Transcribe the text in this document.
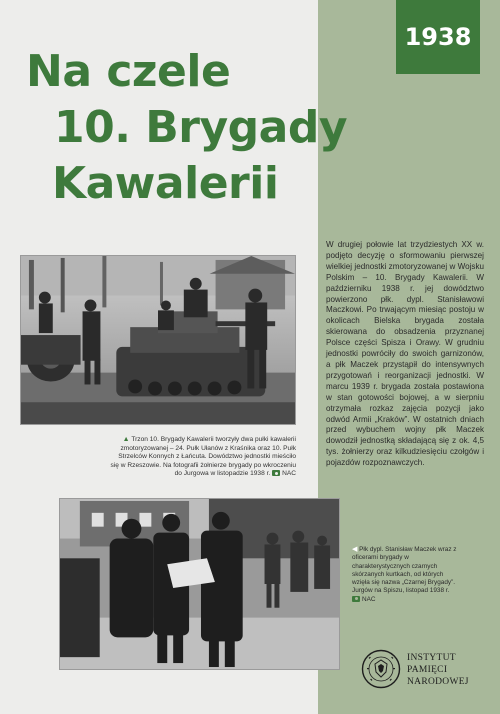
1938
Na czele
10. Brygady
Kawalerii

W drugiej połowie lat trzydziestych XX w. podjęto decyzję o sformowaniu pierwszej wielkiej jednostki zmotoryzowanej w Wojsku Polskim – 10. Brygady Kawalerii. W październiku 1938 r. jej dowództwo powierzono płk. dypl. Stanisławowi Maczkowi. Po trwającym miesiąc postoju w okolicach Bielska brygada została skierowana do obsadzenia przyznanej Polsce części Spisza i Orawy. W grudniu jednostki powróciły do swoich garnizonów, a płk Maczek przystąpił do intensywnych przygotowań i reorganizacji jednostki. W marcu 1939 r. brygada została postawiona w stan gotowości bojowej, a w sierpniu otrzymała rozkaz zajęcia pozycji jako odwód Armii „Kraków”. W ostatnich dniach przed wybuchem wojny płk Maczek dowodził jednostką składającą się z ok. 4,5 tys. żołnierzy oraz kilkudziesięciu czołgów i pojazdów rozpoznawczych.

▲ Trzon 10. Brygady Kawalerii tworzyły dwa pułki kawalerii zmotoryzowanej – 24. Pułk Ułanów z Kraśnika oraz 10. Pułk Strzelców Konnych z Łańcuta. Dowództwo jednostki mieściło się w Rzeszowie. Na fotografii żołnierze brygady po wkroczeniu do Jurgowa w listopadzie 1938 r. NAC

◀ Płk dypl. Stanisław Maczek wraz z oficerami brygady w charakterystycznych czarnych skórzanych kurtkach, od których wzięła się nazwa „Czarnej Brygady”. Jurgów na Spiszu, listopad 1938 r.
NAC

INSTYTUT
PAMIĘCI
NARODOWEJ
